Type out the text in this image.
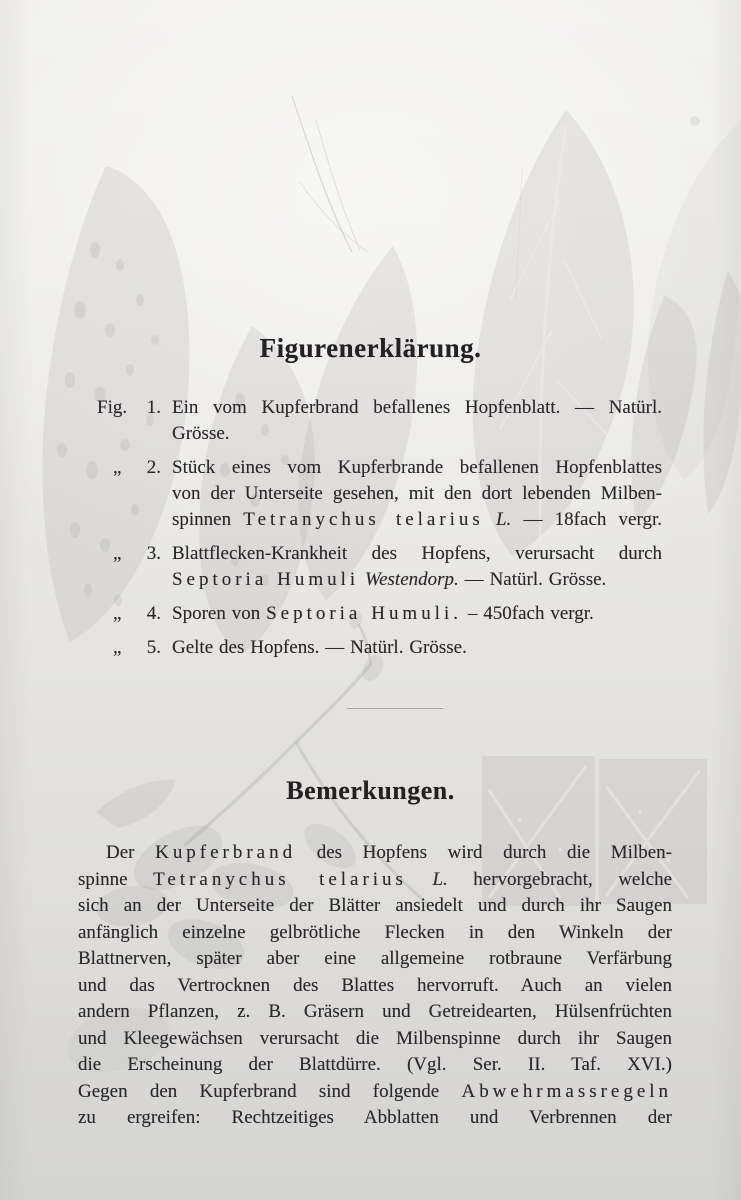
Figurenerklärung.
Fig.	1. Ein vom Kupferbrand befallenes Hopfenblatt. — Natürl.
Grösse.
„	2. Stück eines vom Kupferbrande befallenen Hopfenblattes
von der Unterseite gesehen, mit den dort lebenden Milben-
spinnen Tetranychus telarius L. — 18fach vergr.
„	3. Blattflecken-Krankheit des Hopfens, verursacht durch
Septoria Humuli Westendorp. — Natürl. Grösse.
„	4. Sporen von Septoria Humuli. – 450fach vergr.
„	5. Gelte des Hopfens. — Natürl. Grösse.
Bemerkungen.
Der Kupferbrand des Hopfens wird durch die Milben-
spinne Tetranychus telarius L. hervorgebracht, welche
sich an der Unterseite der Blätter ansiedelt und durch ihr Saugen
anfänglich einzelne gelbrötliche Flecken in den Winkeln der
Blattnerven, später aber eine allgemeine rotbraune Verfärbung
und das Vertrocknen des Blattes hervorruft. Auch an vielen
andern Pflanzen, z. B. Gräsern und Getreidearten, Hülsenfrüchten
und Kleegewächsen verursacht die Milbenspinne durch ihr Saugen
die Erscheinung der Blattdürre. (Vgl. Ser. II. Taf. XVI.)
Gegen den Kupferbrand sind folgende Abwehrmassregeln
zu ergreifen: Rechtzeitiges Abblatten und Verbrennen der
